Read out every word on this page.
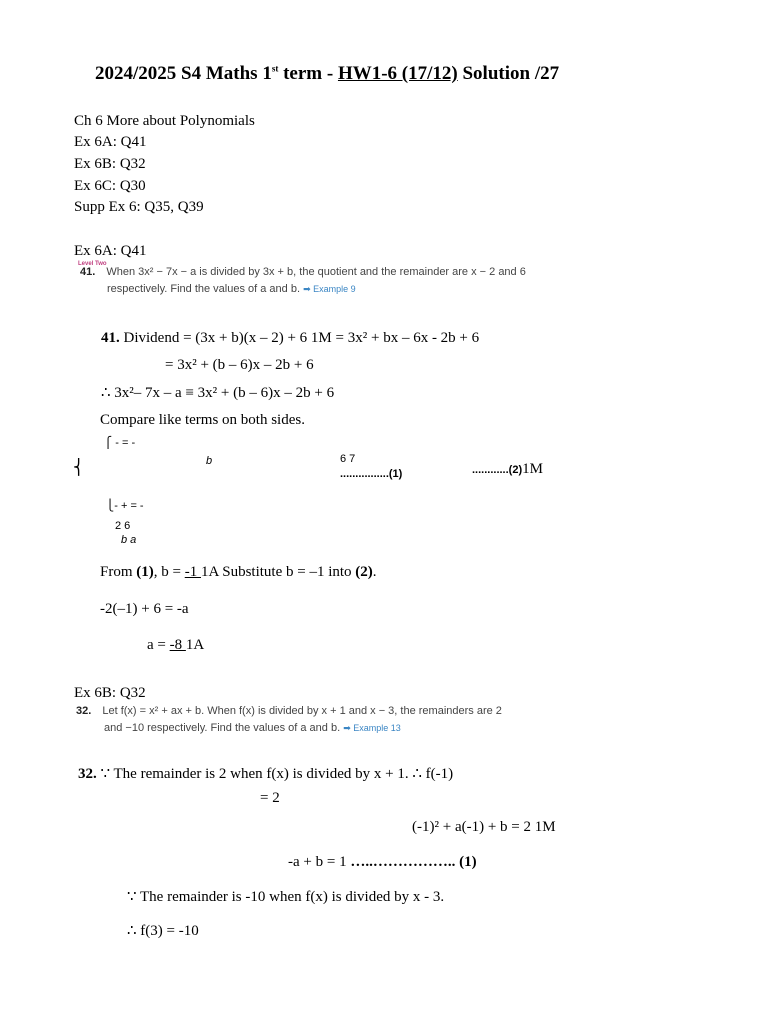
2024/2025 S4 Maths 1st term - HW1-6 (17/12) Solution /27
Ch 6 More about Polynomials
Ex 6A: Q41
Ex 6B: Q32
Ex 6C: Q30
Supp Ex 6: Q35, Q39
Ex 6A: Q41
Level Two
41. When 3x² − 7x − a is divided by 3x + b, the quotient and the remainder are x − 2 and 6
respectively. Find the values of a and b. ➡ Example 9
41. Dividend = (3x + b)(x – 2) + 6 1M = 3x² + bx – 6x - 2b + 6
= 3x² + (b – 6)x – 2b + 6
∴ 3x²– 7x – a ≡ 3x² + (b – 6)x – 2b + 6
Compare like terms on both sides.
⎧ - = -
⎨	b	6 7
................(1)	............(2)1M
⎩- + = -
2 6
b a
From (1), b = -1 1A Substitute b = –1 into (2).
-2(–1) + 6 = -a
a = -8 1A
Ex 6B: Q32
32. Let f(x) = x² + ax + b. When f(x) is divided by x + 1 and x − 3, the remainders are 2
and −10 respectively. Find the values of a and b. ➡ Example 13
32. ∵ The remainder is 2 when f(x) is divided by x + 1. ∴ f(-1)
= 2
(-1)² + a(-1) + b = 2 1M
-a + b = 1 …..…………….. (1)
∵ The remainder is -10 when f(x) is divided by x - 3.
∴ f(3) = -10
